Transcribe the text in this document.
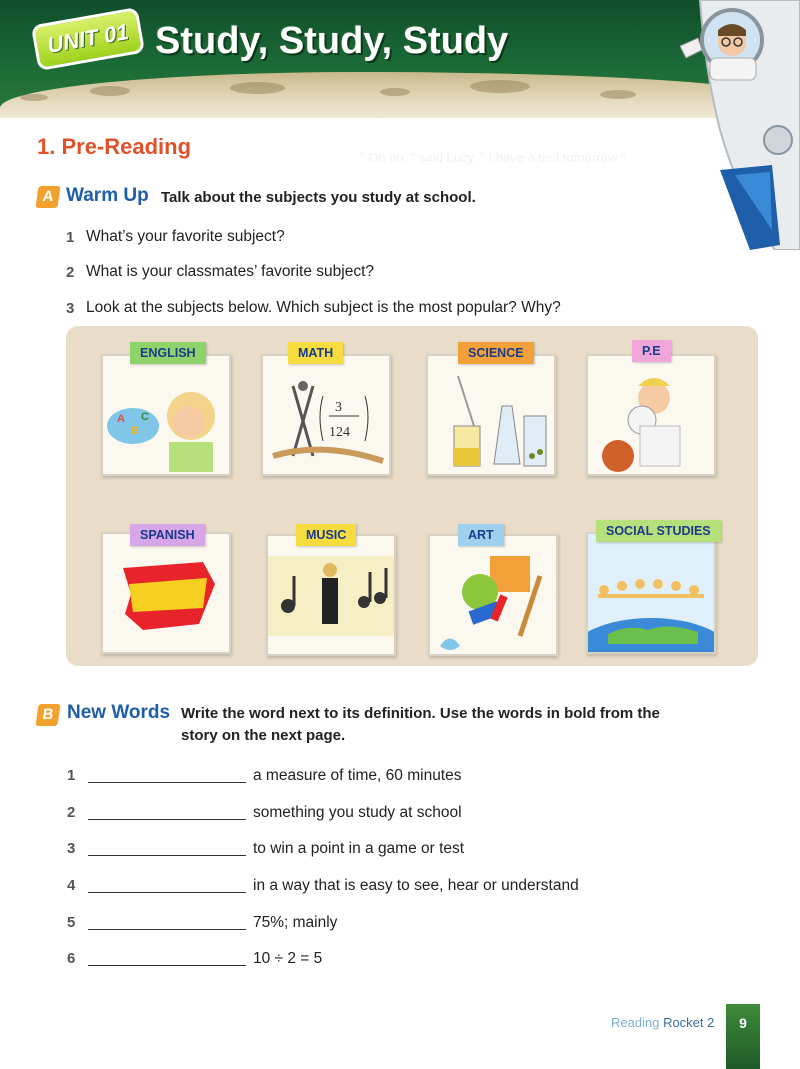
UNIT 01 Study, Study, Study
" Oh no, " said Lucy. " I have a test tomorrow "
1. Pre-Reading
A Warm Up Talk about the subjects you study at school.
1 What’s your favorite subject?
2 What is your classmates’ favorite subject?
3 Look at the subjects below. Which subject is the most popular? Why?
A
B
C
ENGLISH
3
124
MATH	SCIENCE	P.E
SPANISH	MUSIC	ART	SOCIAL STUDIES
B New Words Write the word next to its definition. Use the words in bold from the
story on the next page.
1	a measure of time, 60 minutes
2	something you study at school
3	to win a point in a game or test
4	in a way that is easy to see, hear or understand
5	75%; mainly
6	10 ÷ 2 = 5
Reading Rocket 2	9
